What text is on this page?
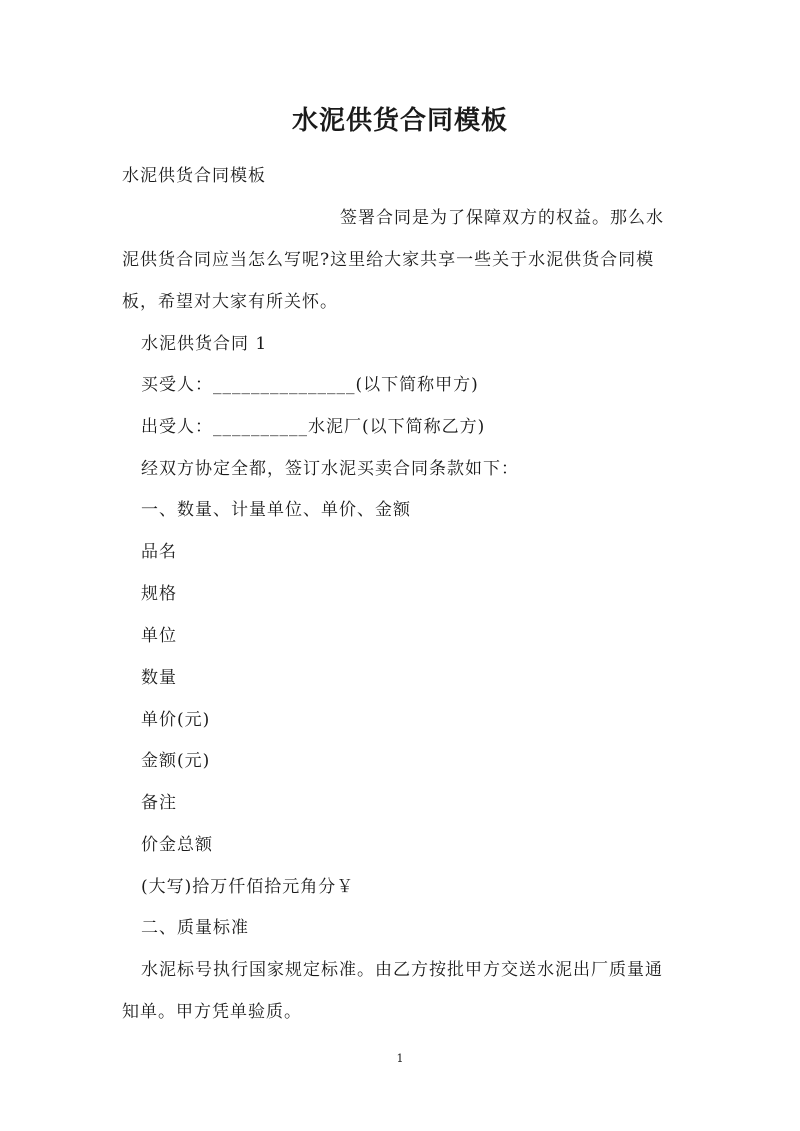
水泥供货合同模板
水泥供货合同模板
签署合同是为了保障双方的权益。那么水
泥供货合同应当怎么写呢?这里给大家共享一些关于水泥供货合同模
板，希望对大家有所关怀。
水泥供货合同 1
买受人：_______________(以下简称甲方)
出受人：__________水泥厂(以下简称乙方)
经双方协定全都，签订水泥买卖合同条款如下：
一、数量、计量单位、单价、金额
品名
规格
单位
数量
单价(元)
金额(元)
备注
价金总额
(大写)拾万仟佰拾元角分￥
二、质量标准
水泥标号执行国家规定标准。由乙方按批甲方交送水泥出厂质量通
知单。甲方凭单验质。
1
